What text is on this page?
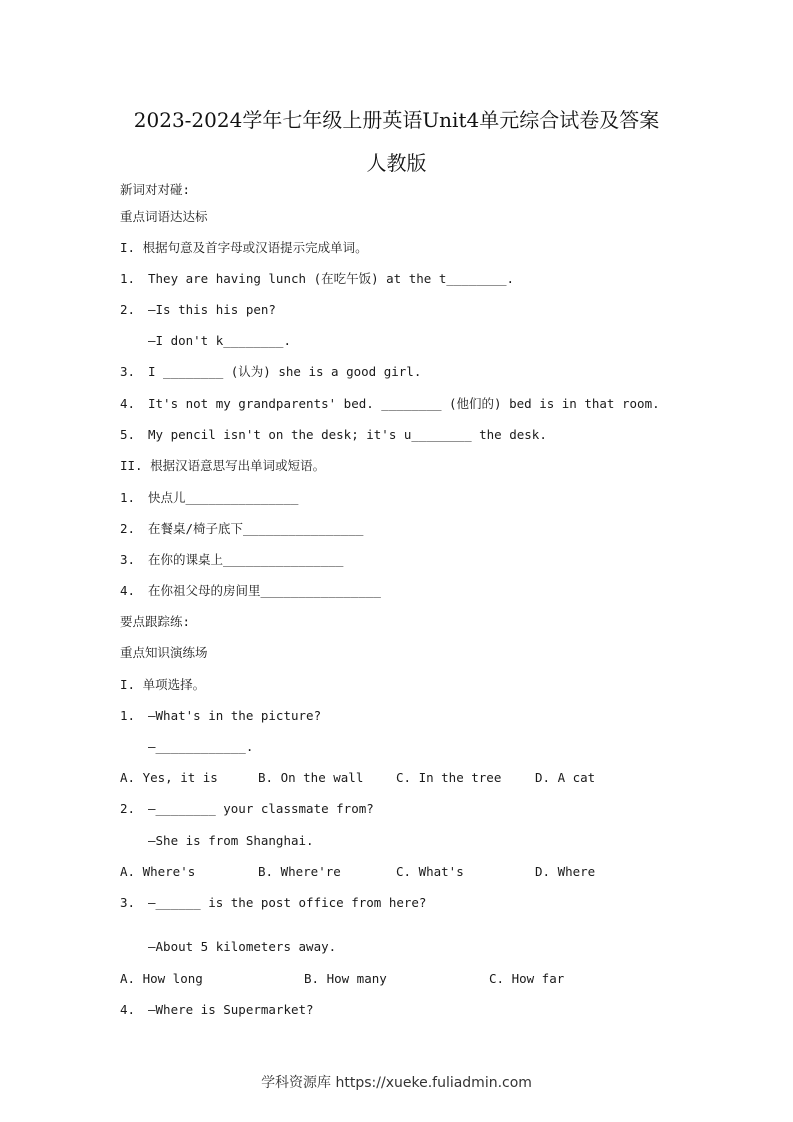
2023-2024学年七年级上册英语Unit4单元综合试卷及答案
人教版
新词对对碰:
重点词语达达标
I. 根据句意及首字母或汉语提示完成单词。
1. They are having lunch (在吃午饭) at the t________.
2. —Is this his pen?
—I don't k________.
3. I ________ (认为) she is a good girl.
4. It's not my grandparents' bed. ________ (他们的) bed is in that room.
5. My pencil isn't on the desk; it's u________ the desk.
II. 根据汉语意思写出单词或短语。
1. 快点儿_______________
2. 在餐桌/椅子底下________________
3. 在你的课桌上________________
4. 在你祖父母的房间里________________
要点跟踪练:
重点知识演练场
I. 单项选择。
1. —What's in the picture?
—____________.
A. Yes, it is	B. On the wall	C. In the tree	D. A cat
2. —________ your classmate from?
—She is from Shanghai.
A. Where's	B. Where're	C. What's	D. Where
3. —______ is the post office from here?
—About 5 kilometers away.
A. How long	B. How many	C. How far
4. —Where is Supermarket?
学科资源库 https://xueke.fuliadmin.com
